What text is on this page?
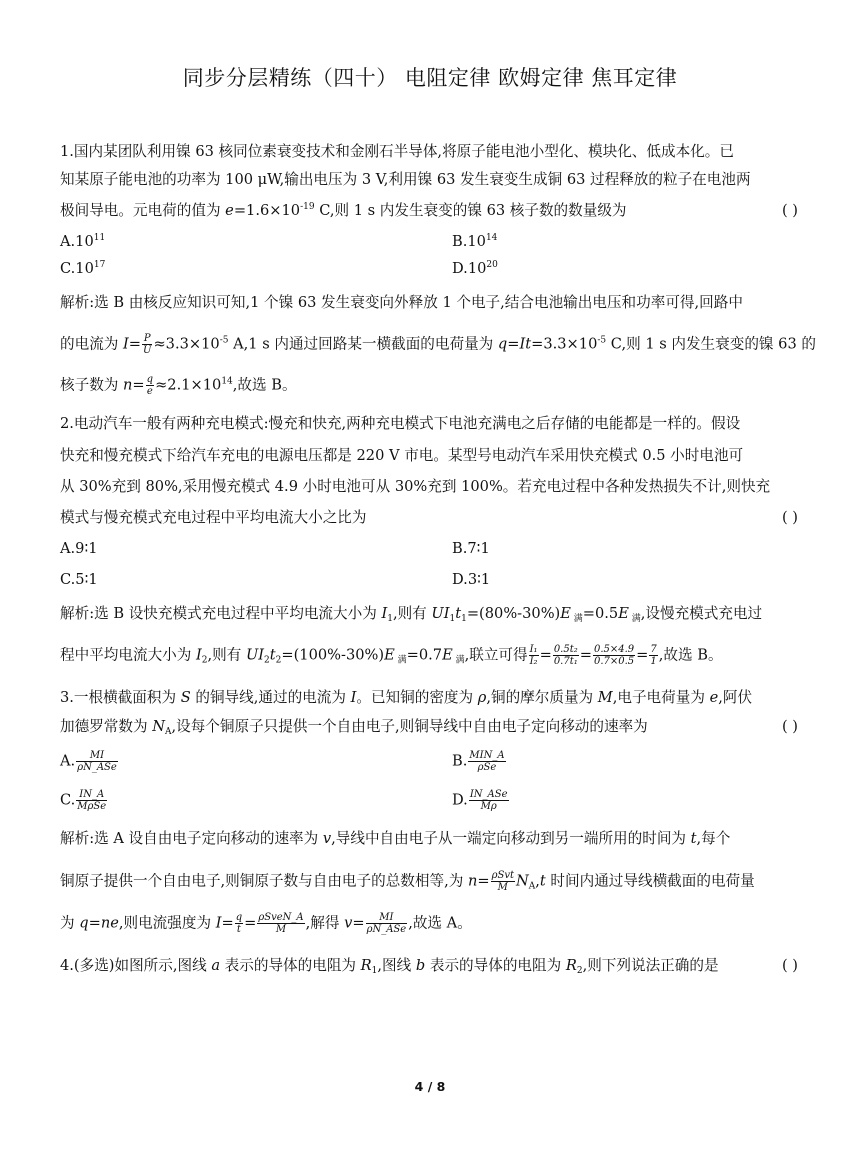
同步分层精练（四十） 电阻定律 欧姆定律 焦耳定律
1.国内某团队利用镍 63 核同位素衰变技术和金刚石半导体,将原子能电池小型化、模块化、低成本化。已
知某原子能电池的功率为 100 μW,输出电压为 3 V,利用镍 63 发生衰变生成铜 63 过程释放的粒子在电池两
极间导电。元电荷的值为 $e=1.6\times 10^{-19}$ C,则 1 s 内发生衰变的镍 63 核子数的数量级为	( )
$A.10^{11}$	$B.10^{14}$
$C.10^{17}$	$D.10^{20}$
解析:选 B 由核反应知识可知,1 个镍 63 发生衰变向外释放 1 个电子,结合电池输出电压和功率可得,回路中
的电流为 $I= \frac{P}{U} \approx 3.3\times 10^{-5}$ A,1 s 内通过回路某一横截面的电荷量为 $q=It=3.3\times 10^{-5}$ C,则 1 s 内发生衰变的镍 63 的
核子数为 $n= \frac{q}{e} \approx 2.1\times 10^{14}$,故选 B。
2.电动汽车一般有两种充电模式:慢充和快充,两种充电模式下电池充满电之后存储的电能都是一样的。假设
快充和慢充模式下给汽车充电的电源电压都是 220 V 市电。某型号电动汽车采用快充模式 0.5 小时电池可
从 30%充到 80%,采用慢充模式 4.9 小时电池可从 30%充到 100%。若充电过程中各种发热损失不计,则快充
模式与慢充模式充电过程中平均电流大小之比为	( )
A.9∶1	B.7∶1
C.5∶1	D.3∶1
解析:选 B 设快充模式充电过程中平均电流大小为 $I_1$,则有 $UI_1t_1=(80\%-30\%)E$ $_满$=0.5E $_满$,设慢充模式充电过
程中平均电流大小为 $I_2$,则有 $UI_2t_2=(100\%-30\%)E$ $_满$=0.7E $_满$,联立可得 $\frac{\text{I₁}}{\text{I₂}} = \frac{\text{0.5t₂}}{\text{0.7t₁}} = \frac{0.5\times 4.9}{0.7\times 0.5} = \frac{7}{1}$ ,故选 B。
3.一根横截面积为 S 的铜导线,通过的电流为 I。已知铜的密度为 ρ,铜的摩尔质量为 M,电子电荷量为 e,阿伏
加德罗常数为 $N_A$,设每个铜原子只提供一个自由电子,则铜导线中自由电子定向移动的速率为	( )
A. $\frac{MI}{\text{ρN\_ASe}}$	B. $\frac{\text{MIN\_A}}{\text{ρSe}}$
C. $\frac{IN\_A}{\text{MρSe}}$	D. $\frac{\text{IN\_ASe}}{M\rho}$
解析:选 A 设自由电子定向移动的速率为 v,导线中自由电子从一端定向移动到另一端所用的时间为 t,每个
铜原子提供一个自由电子,则铜原子数与自由电子的总数相等,为 $n= \frac{\text{ρSvt}}{M} N_A,t$ 时间内通过导线横截面的电荷量
为 q=ne,则电流强度为 $I= \frac{q}{t} = \frac{\text{ρSveN\_A}}{M}$ ,解得 $v= \frac{MI}{\text{ρN\_ASe}}$ ,故选 A。
4.(多选)如图所示,图线 a 表示的导体的电阻为 $R_1$,图线 b 表示的导体的电阻为 $R_2$,则下列说法正确的是	( )
4 / 8
